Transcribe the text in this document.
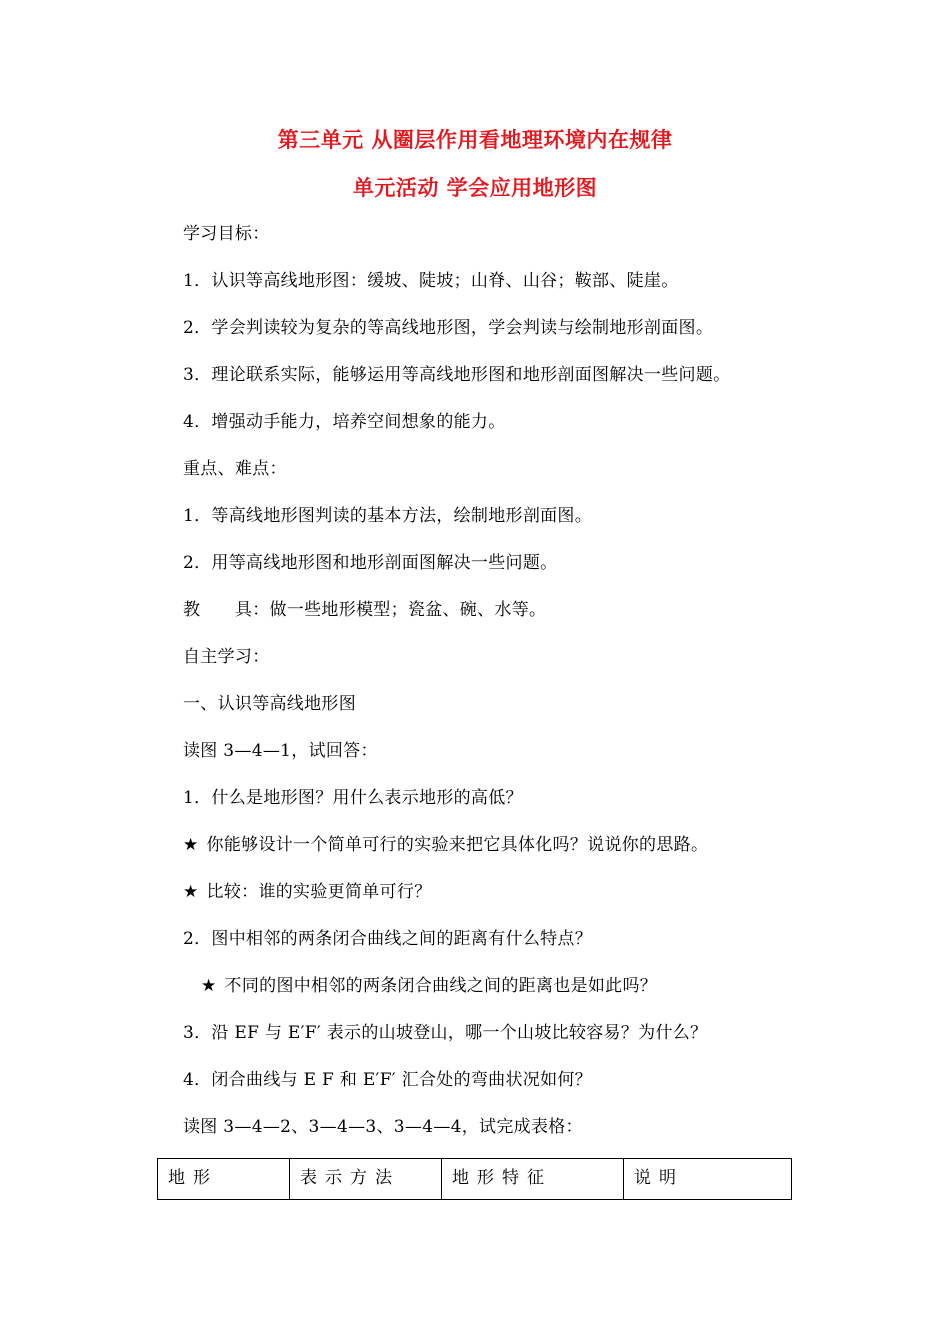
第三单元 从圈层作用看地理环境内在规律
单元活动 学会应用地形图
学习目标：
1．认识等高线地形图：缓坡、陡坡；山脊、山谷；鞍部、陡崖。
2．学会判读较为复杂的等高线地形图，学会判读与绘制地形剖面图。
3．理论联系实际，能够运用等高线地形图和地形剖面图解决一些问题。
4．增强动手能力，培养空间想象的能力。
重点、难点：
1．等高线地形图判读的基本方法，绘制地形剖面图。
2．用等高线地形图和地形剖面图解决一些问题。
教　　具：做一些地形模型；瓷盆、碗、水等。
自主学习：
一、认识等高线地形图
读图 3—4—1，试回答：
1．什么是地形图？用什么表示地形的高低？
★ 你能够设计一个简单可行的实验来把它具体化吗？说说你的思路。
★ 比较：谁的实验更简单可行？
2．图中相邻的两条闭合曲线之间的距离有什么特点？
★ 不同的图中相邻的两条闭合曲线之间的距离也是如此吗？
3．沿 EF 与 E′F′ 表示的山坡登山，哪一个山坡比较容易？为什么？
4．闭合曲线与 E F 和 E′F′ 汇合处的弯曲状况如何？
读图 3—4—2、3—4—3、3—4—4，试完成表格：
地形	表示方法	地形特征	说明
